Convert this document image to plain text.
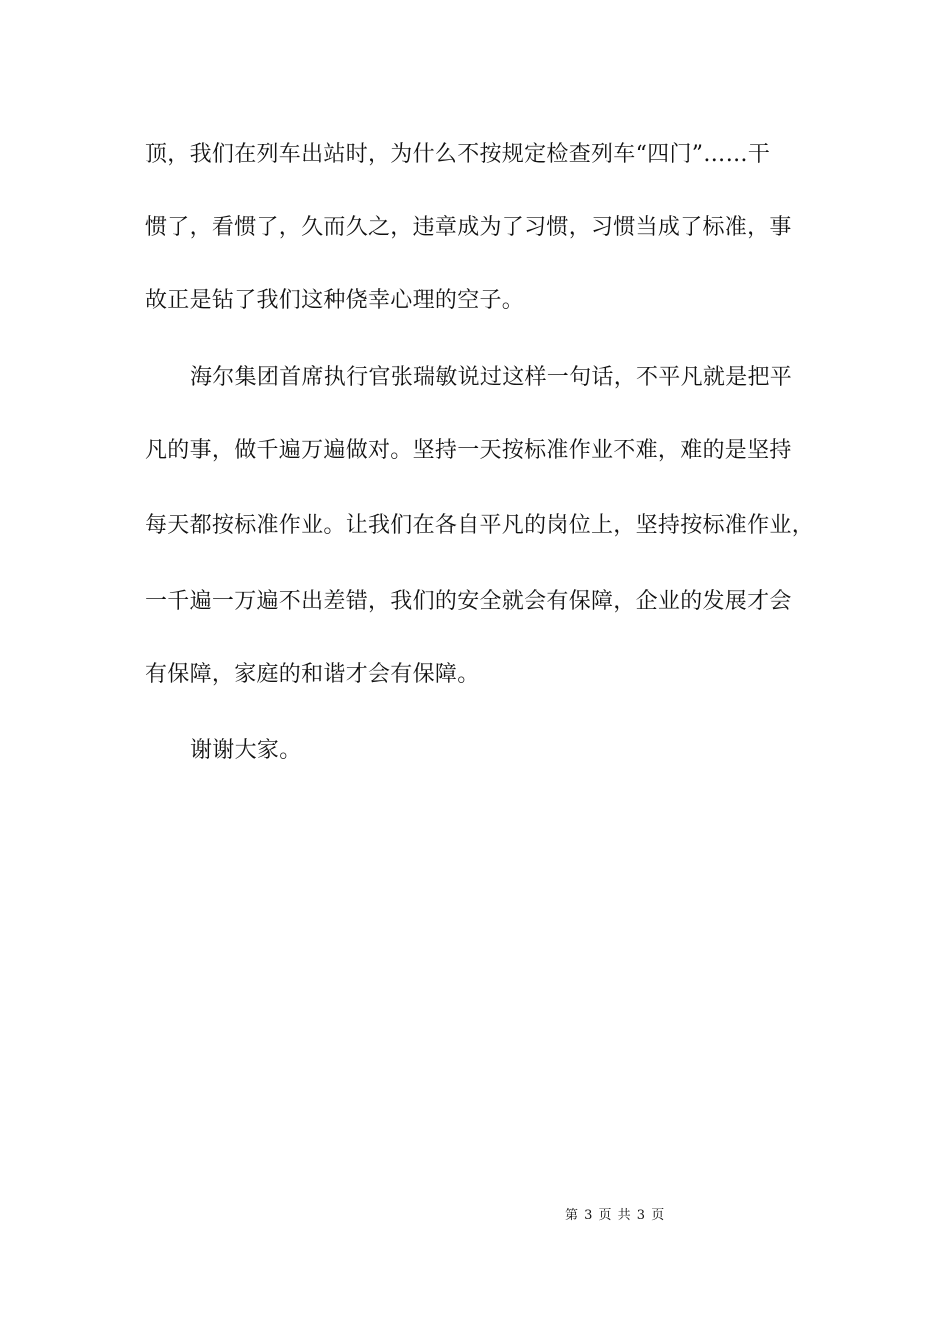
顶，我们在列车出站时，为什么不按规定检查列车“四门”……干
惯了，看惯了，久而久之，违章成为了习惯，习惯当成了标准，事
故正是钻了我们这种侥幸心理的空子。
海尔集团首席执行官张瑞敏说过这样一句话，不平凡就是把平
凡的事，做千遍万遍做对。坚持一天按标准作业不难，难的是坚持
每天都按标准作业。让我们在各自平凡的岗位上，坚持按标准作业，
一千遍一万遍不出差错，我们的安全就会有保障，企业的发展才会
有保障，家庭的和谐才会有保障。
谢谢大家。
第 3 页 共 3 页
